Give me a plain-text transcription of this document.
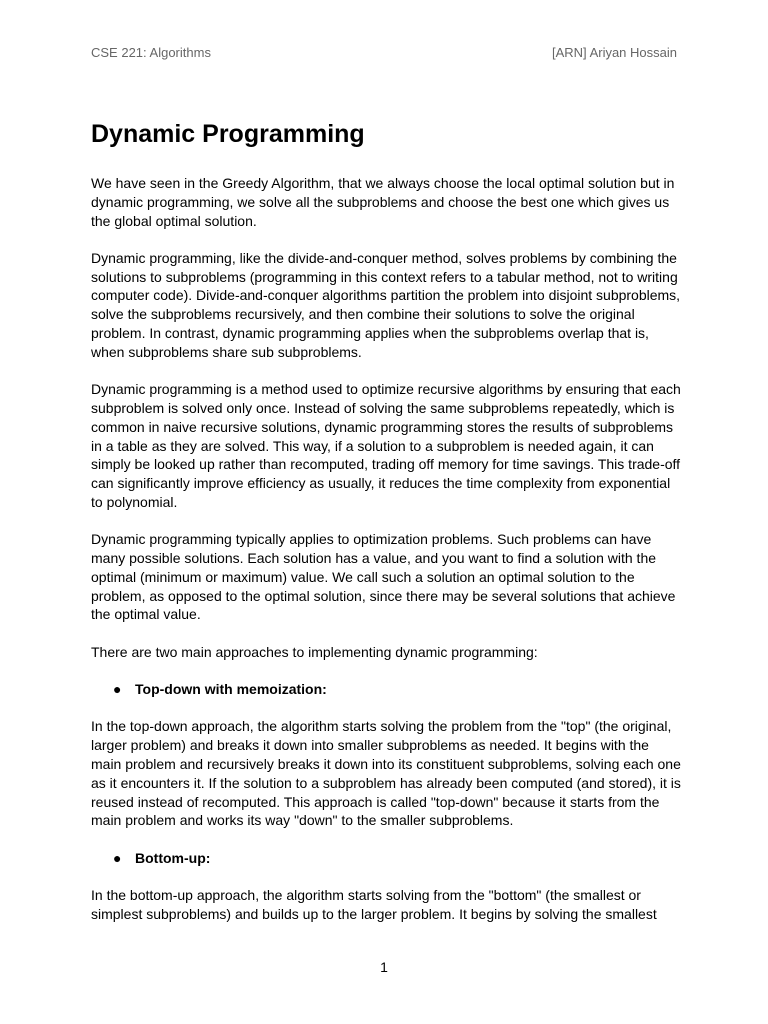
CSE 221: Algorithms	[ARN] Ariyan Hossain
Dynamic Programming

We have seen in the Greedy Algorithm, that we always choose the local optimal solution but in dynamic programming, we solve all the subproblems and choose the best one which gives us the global optimal solution.

Dynamic programming, like the divide-and-conquer method, solves problems by combining the solutions to subproblems (programming in this context refers to a tabular method, not to writing computer code). Divide-and-conquer algorithms partition the problem into disjoint subproblems, solve the subproblems recursively, and then combine their solutions to solve the original problem. In contrast, dynamic programming applies when the subproblems overlap that is, when subproblems share sub subproblems.

Dynamic programming is a method used to optimize recursive algorithms by ensuring that each subproblem is solved only once. Instead of solving the same subproblems repeatedly, which is common in naive recursive solutions, dynamic programming stores the results of subproblems in a table as they are solved. This way, if a solution to a subproblem is needed again, it can simply be looked up rather than recomputed, trading off memory for time savings. This trade-off can significantly improve efficiency as usually, it reduces the time complexity from exponential to polynomial.

Dynamic programming typically applies to optimization problems. Such problems can have many possible solutions. Each solution has a value, and you want to find a solution with the optimal (minimum or maximum) value. We call such a solution an optimal solution to the problem, as opposed to the optimal solution, since there may be several solutions that achieve the optimal value.

There are two main approaches to implementing dynamic programming:

● Top-down with memoization:

In the top-down approach, the algorithm starts solving the problem from the "top" (the original, larger problem) and breaks it down into smaller subproblems as needed. It begins with the main problem and recursively breaks it down into its constituent subproblems, solving each one as it encounters it. If the solution to a subproblem has already been computed (and stored), it is reused instead of recomputed. This approach is called "top-down" because it starts from the main problem and works its way "down" to the smaller subproblems.

● Bottom-up:

In the bottom-up approach, the algorithm starts solving from the "bottom" (the smallest or simplest subproblems) and builds up to the larger problem. It begins by solving the smallest

1
